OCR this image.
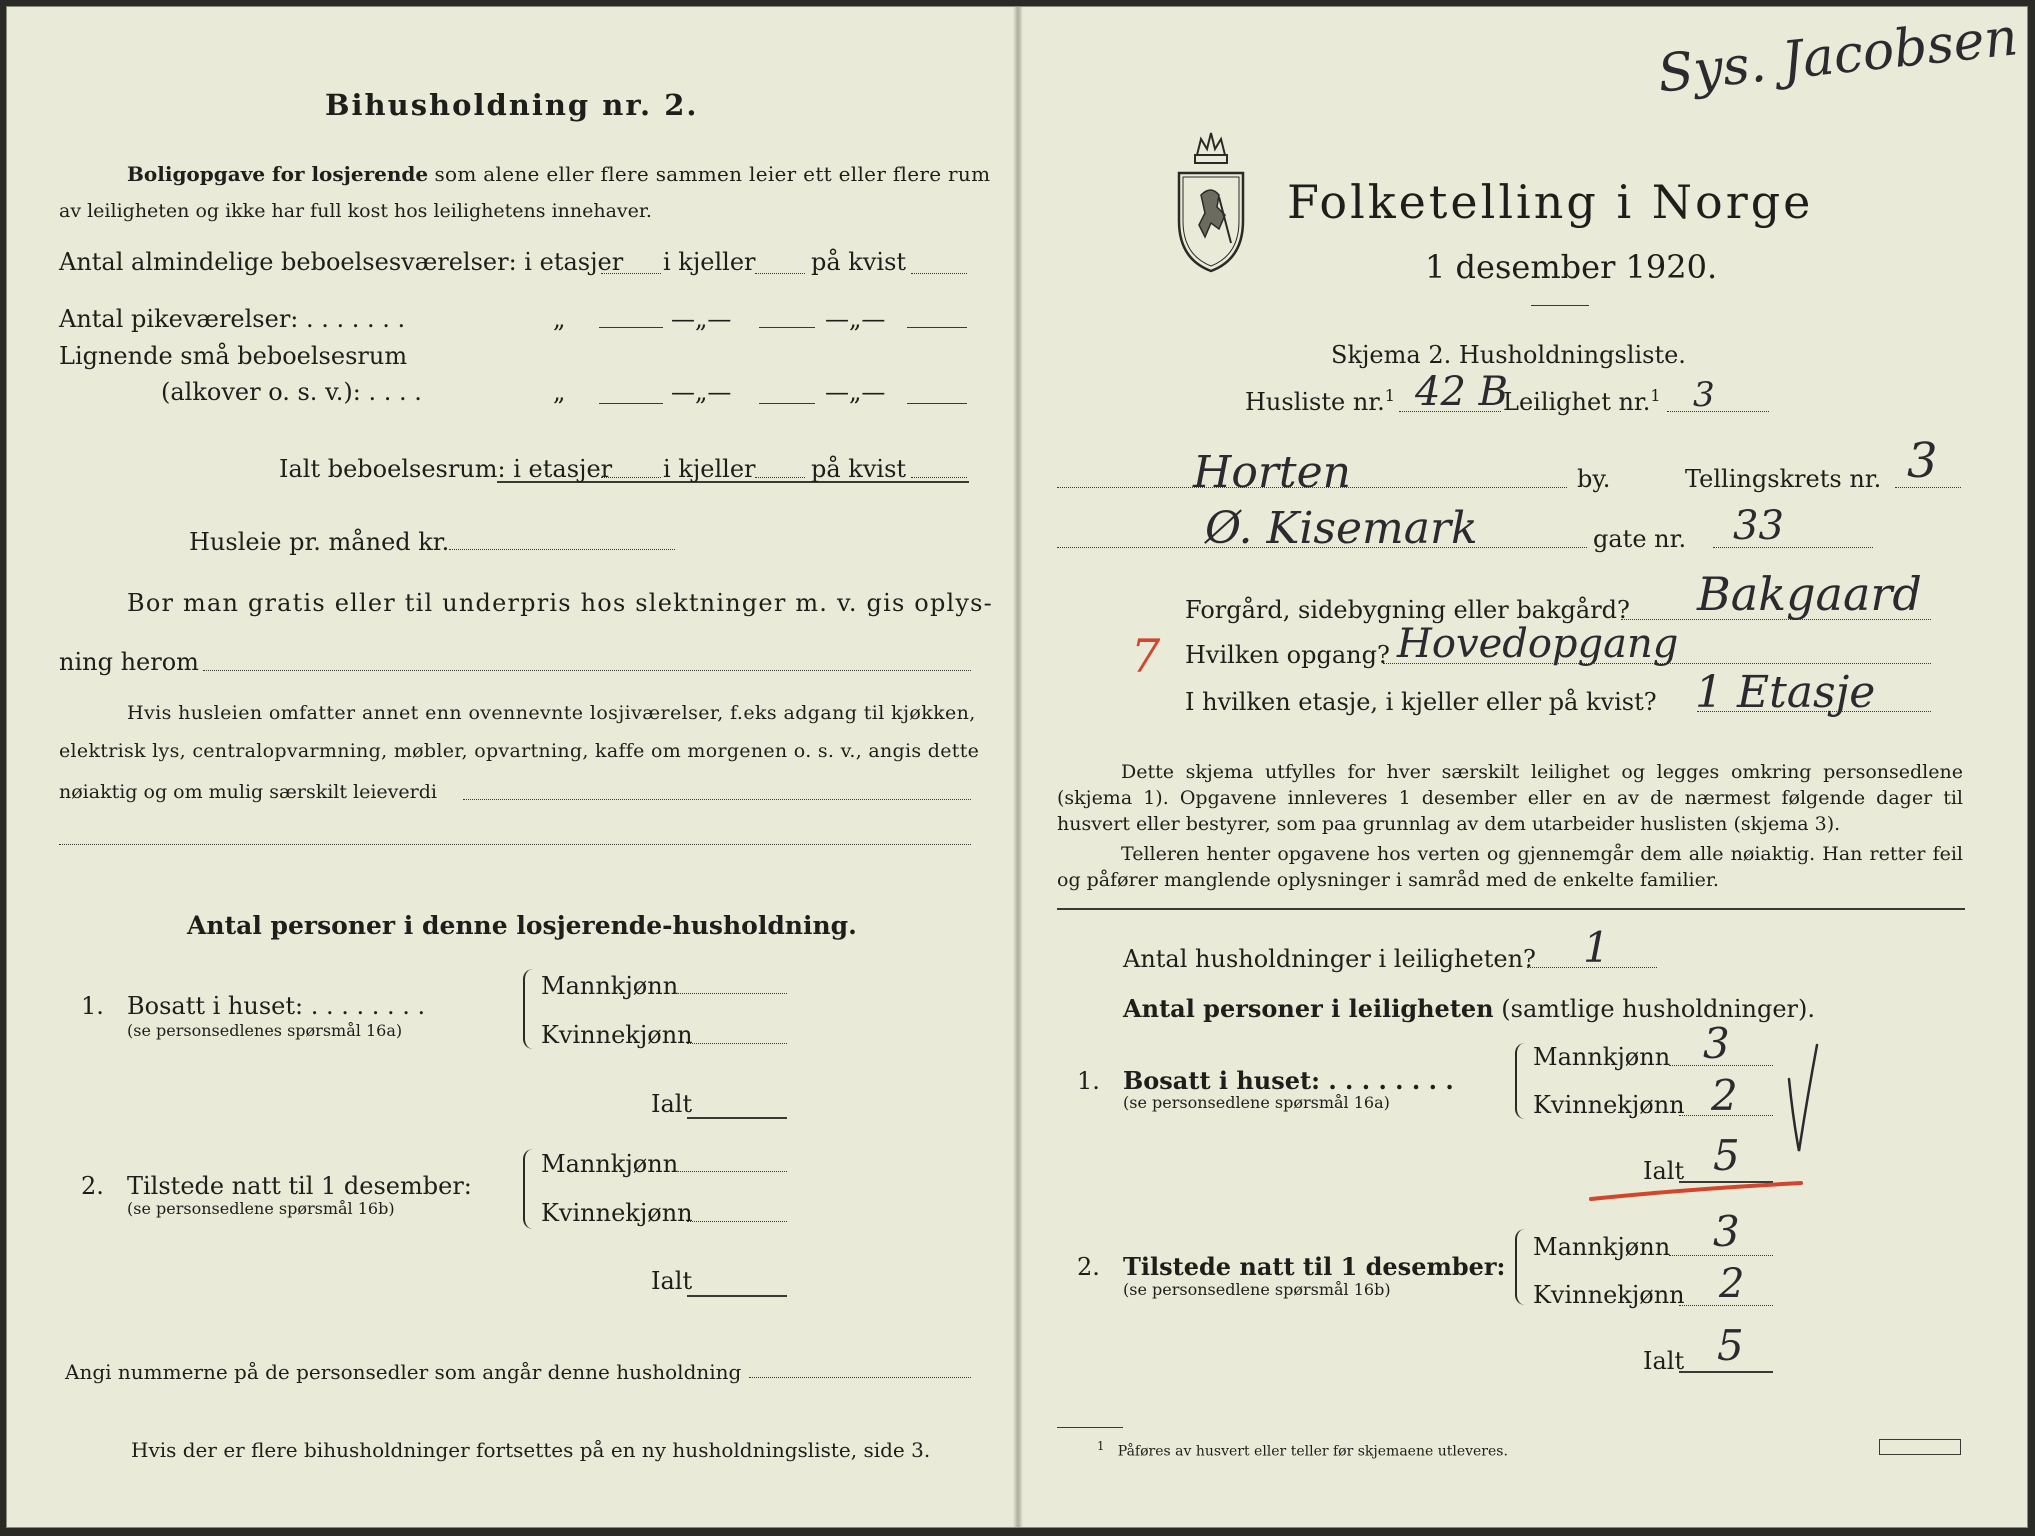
Bihusholdning nr. 2.
Boligopgave for losjerende som alene eller flere sammen leier ett eller flere rum
av leiligheten og ikke har full kost hos leilighetens innehaver.
Antal almindelige beboelsesværelser: i etasjer i kjeller på kvist
Antal pikeværelser: . . . . . . .	„	—„—	—„—
Lignende små beboelsesrum
(alkover o. s. v.): . . . .	„	—„—	—„—
Ialt beboelsesrum: i etasjer i kjeller på kvist
Husleie pr. måned kr.
Bor man gratis eller til underpris hos slektninger m. v. gis oplys-
ning herom
Hvis husleien omfatter annet enn ovennevnte losjiværelser, f.eks adgang til kjøkken,
elektrisk lys, centralopvarmning, møbler, opvartning, kaffe om morgenen o. s. v., angis dette
nøiaktig og om mulig særskilt leieverdi
Antal personer i denne losjerende-husholdning.
1. Bosatt i huset: . . . . . . . .
(se personsedlenes spørsmål 16a)
Mannkjønn
Kvinnekjønn
Ialt
2. Tilstede natt til 1 desember:
(se personsedlene spørsmål 16b)
Mannkjønn
Kvinnekjønn
Ialt
Angi nummerne på de personsedler som angår denne husholdning
Hvis der er flere bihusholdninger fortsettes på en ny husholdningsliste, side 3.
Folketelling i Norge
1 desember 1920.
Skjema 2. Husholdningsliste.
Husliste nr.$^1$ 42 B
Leilighet nr.$^1$ 3
Horten	by.	Tellingskrets nr. 3
Ø. Kisemark	gate nr. 33
Forgård, sidebygning eller bakgård? Bakgaard
7 Hvilken opgang? Hovedopgang
I hvilken etasje, i kjeller eller på kvist? 1 Etasje
Dette skjema utfylles for hver særskilt leilighet og legges omkring personsedlene (skjema 1). Opgavene innleveres 1 desember eller en av de nærmest følgende dager til husvert eller bestyrer, som paa grunnlag av dem utarbeider huslisten (skjema 3).
Telleren henter opgavene hos verten og gjennemgår dem alle nøiaktig. Han retter feil og påfører manglende oplysninger i samråd med de enkelte familier.
Antal husholdninger i leiligheten? 1
Antal personer i leiligheten (samtlige husholdninger).
1. Bosatt i huset: . . . . . . . .
(se personsedlene spørsmål 16a)
Mannkjønn 3
Kvinnekjønn 2
Ialt 5
2. Tilstede natt til 1 desember:
(se personsedlene spørsmål 16b)
Mannkjønn 3
Kvinnekjønn 2
Ialt 5
$^1$ Påføres av husvert eller teller før skjemaene utleveres.
Sys. Jacobsen
